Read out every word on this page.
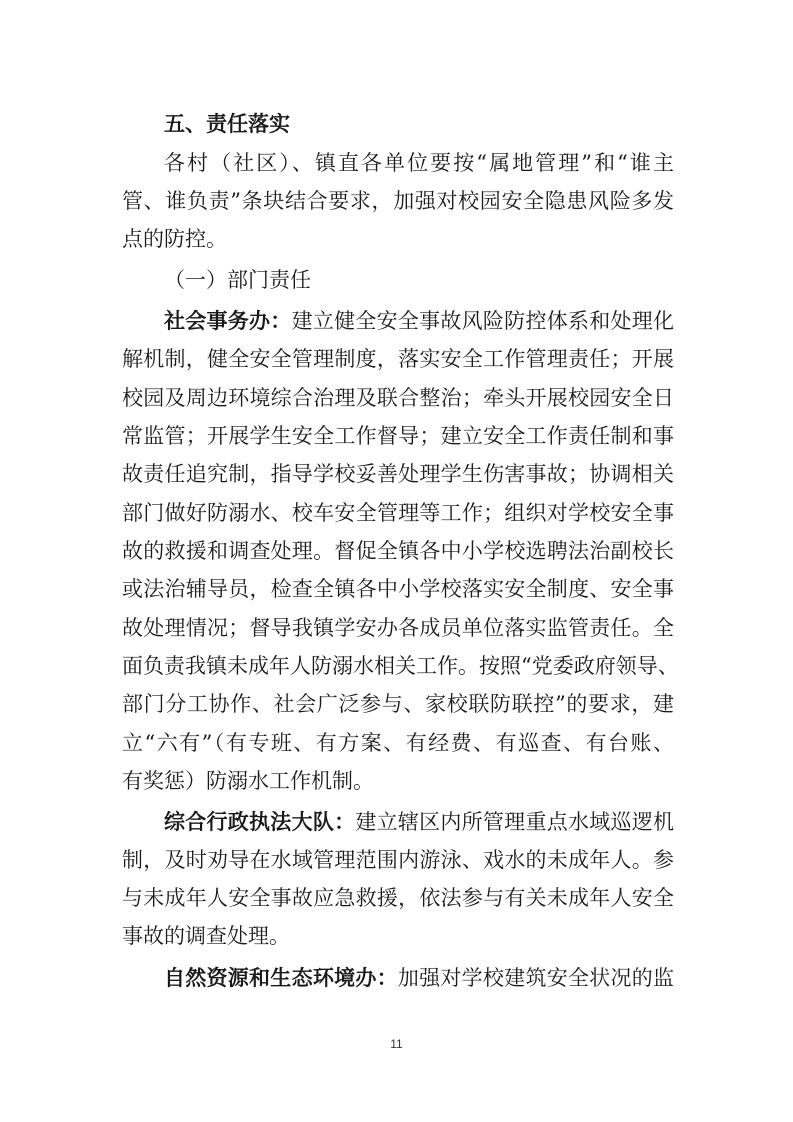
五、责任落实
各村（社区）、镇直各单位要按“属地管理”和“谁主
管、谁负责”条块结合要求，加强对校园安全隐患风险多发
点的防控。
（一）部门责任
社会事务办：建立健全安全事故风险防控体系和处理化
解机制，健全安全管理制度，落实安全工作管理责任；开展
校园及周边环境综合治理及联合整治；牵头开展校园安全日
常监管；开展学生安全工作督导；建立安全工作责任制和事
故责任追究制，指导学校妥善处理学生伤害事故；协调相关
部门做好防溺水、校车安全管理等工作；组织对学校安全事
故的救援和调查处理。督促全镇各中小学校选聘法治副校长
或法治辅导员，检查全镇各中小学校落实安全制度、安全事
故处理情况；督导我镇学安办各成员单位落实监管责任。全
面负责我镇未成年人防溺水相关工作。按照“党委政府领导、
部门分工协作、社会广泛参与、家校联防联控”的要求，建
立“六有”（有专班、有方案、有经费、有巡查、有台账、
有奖惩）防溺水工作机制。
综合行政执法大队：建立辖区内所管理重点水域巡逻机
制，及时劝导在水域管理范围内游泳、戏水的未成年人。参
与未成年人安全事故应急救援，依法参与有关未成年人安全
事故的调查处理。
自然资源和生态环境办：加强对学校建筑安全状况的监
11
